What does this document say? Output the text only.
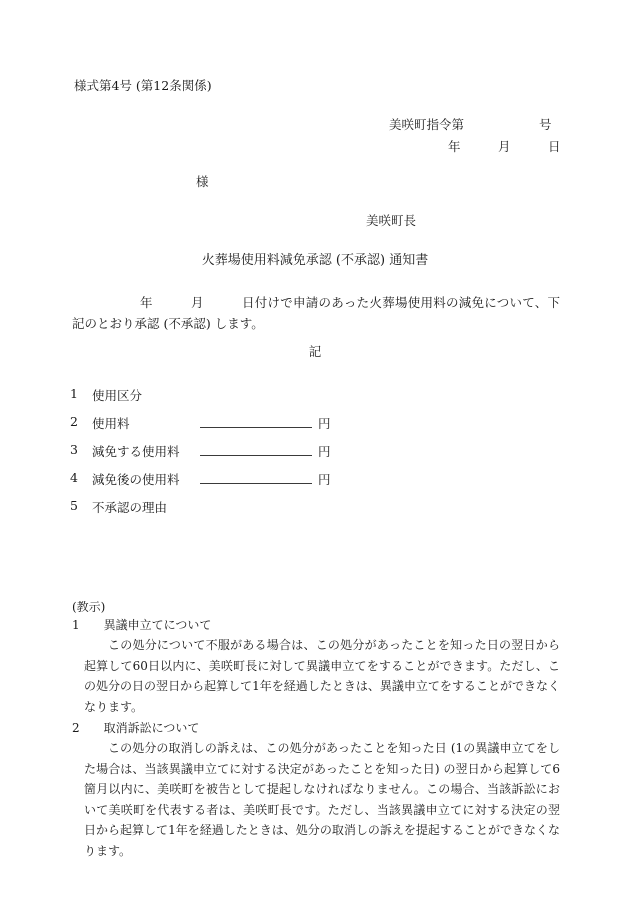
様式第4号 (第12条関係)
美咲町指令第　　　　　　号
年　　　月　　　日
様
美咲町長
火葬場使用料減免承認 (不承認) 通知書
年　　　月　　　日付けで申請のあった火葬場使用料の減免について、下記のとおり承認 (不承認) します。
記
1	使用区分
2	使用料	円
3	減免する使用料	円
4	減免後の使用料	円
5	不承認の理由
(教示)
1　　異議申立てについて
この処分について不服がある場合は、この処分があったことを知った日の翌日から起算して60日以内に、美咲町長に対して異議申立てをすることができます。ただし、この処分の日の翌日から起算して1年を経過したときは、異議申立てをすることができなくなります。
2　　取消訴訟について
この処分の取消しの訴えは、この処分があったことを知った日 (1の異議申立てをした場合は、当該異議申立てに対する決定があったことを知った日) の翌日から起算して6箇月以内に、美咲町を被告として提起しなければなりません。この場合、当該訴訟において美咲町を代表する者は、美咲町長です。ただし、当該異議申立てに対する決定の翌日から起算して1年を経過したときは、処分の取消しの訴えを提起することができなくなります。
